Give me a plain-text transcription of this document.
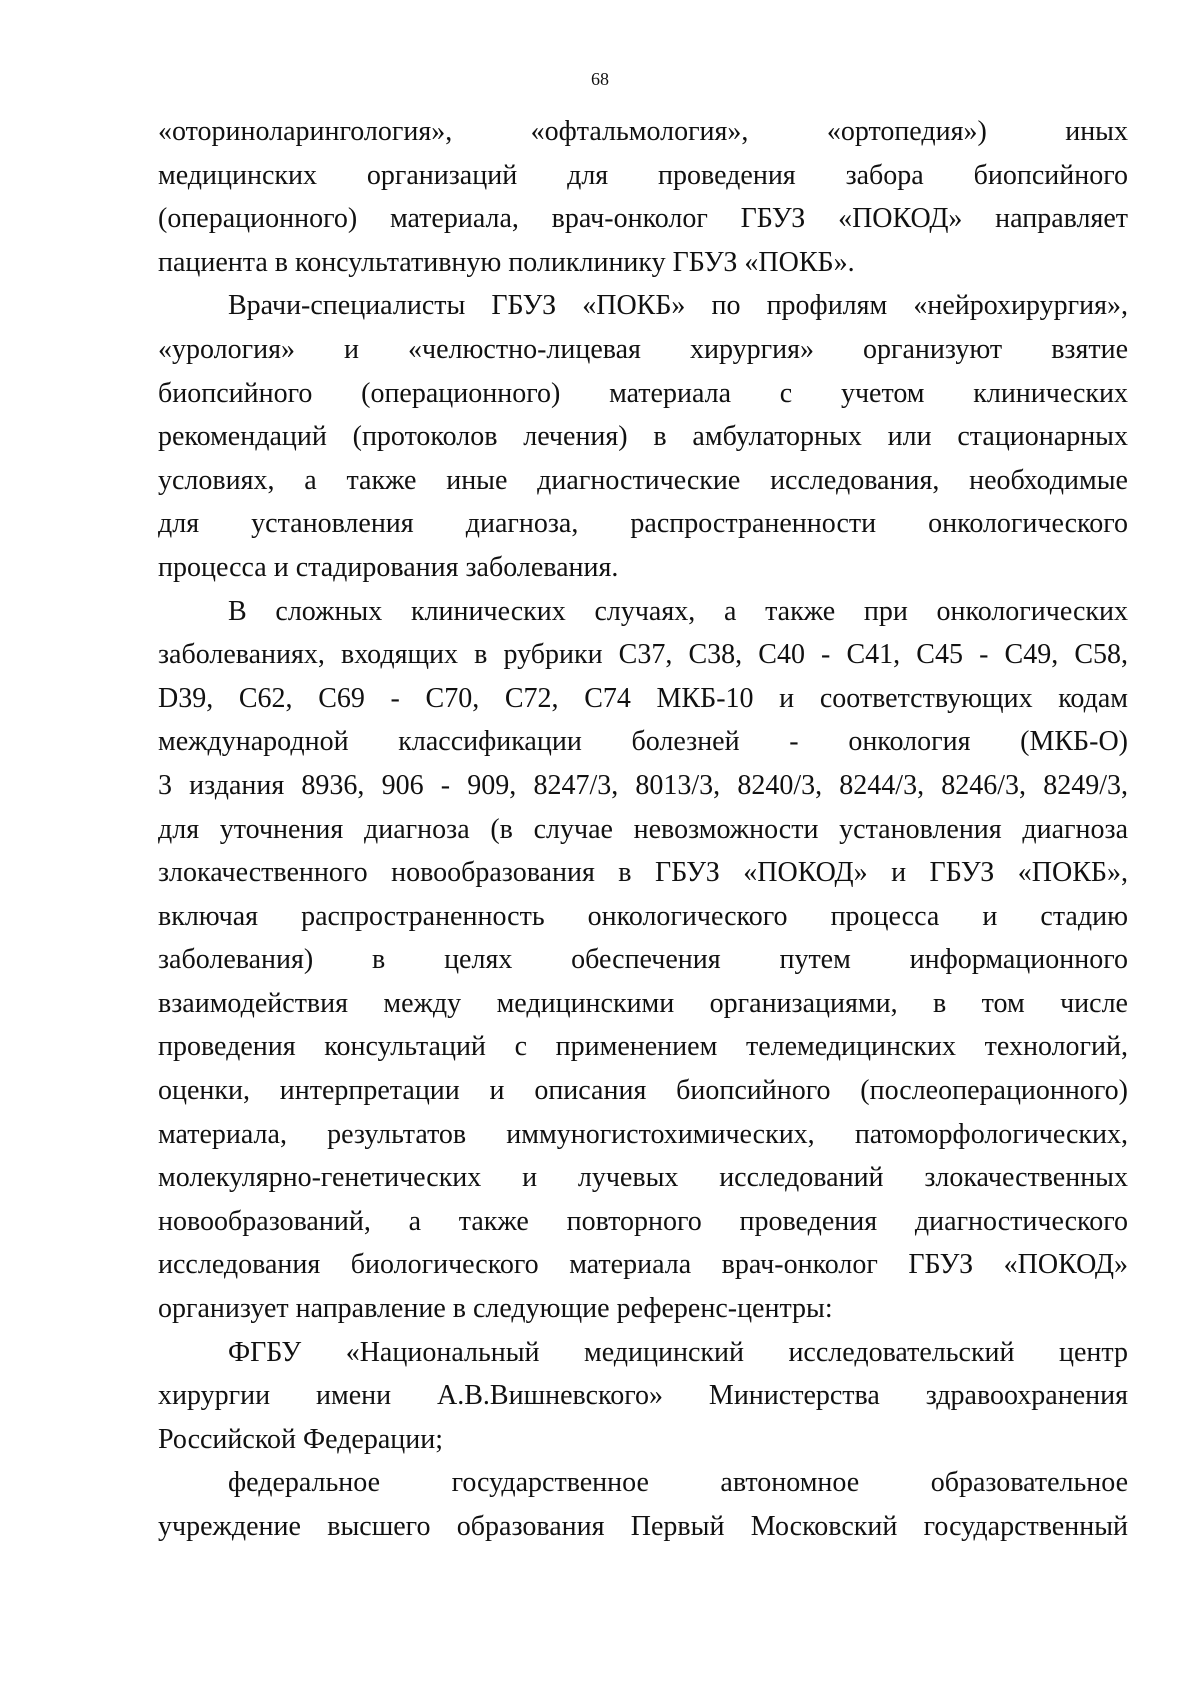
68

«оториноларингология», «офтальмология», «ортопедия») иных
медицинских организаций для проведения забора биопсийного
(операционного) материала, врач-онколог ГБУЗ «ПОКОД» направляет
пациента в консультативную поликлинику ГБУЗ «ПОКБ».

Врачи-специалисты ГБУЗ «ПОКБ» по профилям «нейрохирургия»,
«урология» и «челюстно-лицевая хирургия» организуют взятие
биопсийного (операционного) материала с учетом клинических
рекомендаций (протоколов лечения) в амбулаторных или стационарных
условиях, а также иные диагностические исследования, необходимые
для установления диагноза, распространенности онкологического
процесса и стадирования заболевания.

В сложных клинических случаях, а также при онкологических
заболеваниях, входящих в рубрики С37, С38, С40 - С41, С45 - С49, С58,
D39, С62, С69 - С70, С72, С74 МКБ-10 и соответствующих кодам
международной классификации болезней - онкология (МКБ-О)
3 издания 8936, 906 - 909, 8247/3, 8013/3, 8240/3, 8244/3, 8246/3, 8249/3,
для уточнения диагноза (в случае невозможности установления диагноза
злокачественного новообразования в ГБУЗ «ПОКОД» и ГБУЗ «ПОКБ»,
включая распространенность онкологического процесса и стадию
заболевания) в целях обеспечения путем информационного
взаимодействия между медицинскими организациями, в том числе
проведения консультаций с применением телемедицинских технологий,
оценки, интерпретации и описания биопсийного (послеоперационного)
материала, результатов иммуногистохимических, патоморфологических,
молекулярно-генетических и лучевых исследований злокачественных
новообразований, а также повторного проведения диагностического
исследования биологического материала врач-онколог ГБУЗ «ПОКОД»
организует направление в следующие референс-центры:

ФГБУ «Национальный медицинский исследовательский центр
хирургии имени А.В.Вишневского» Министерства здравоохранения
Российской Федерации;

федеральное государственное автономное образовательное
учреждение высшего образования Первый Московский государственный
